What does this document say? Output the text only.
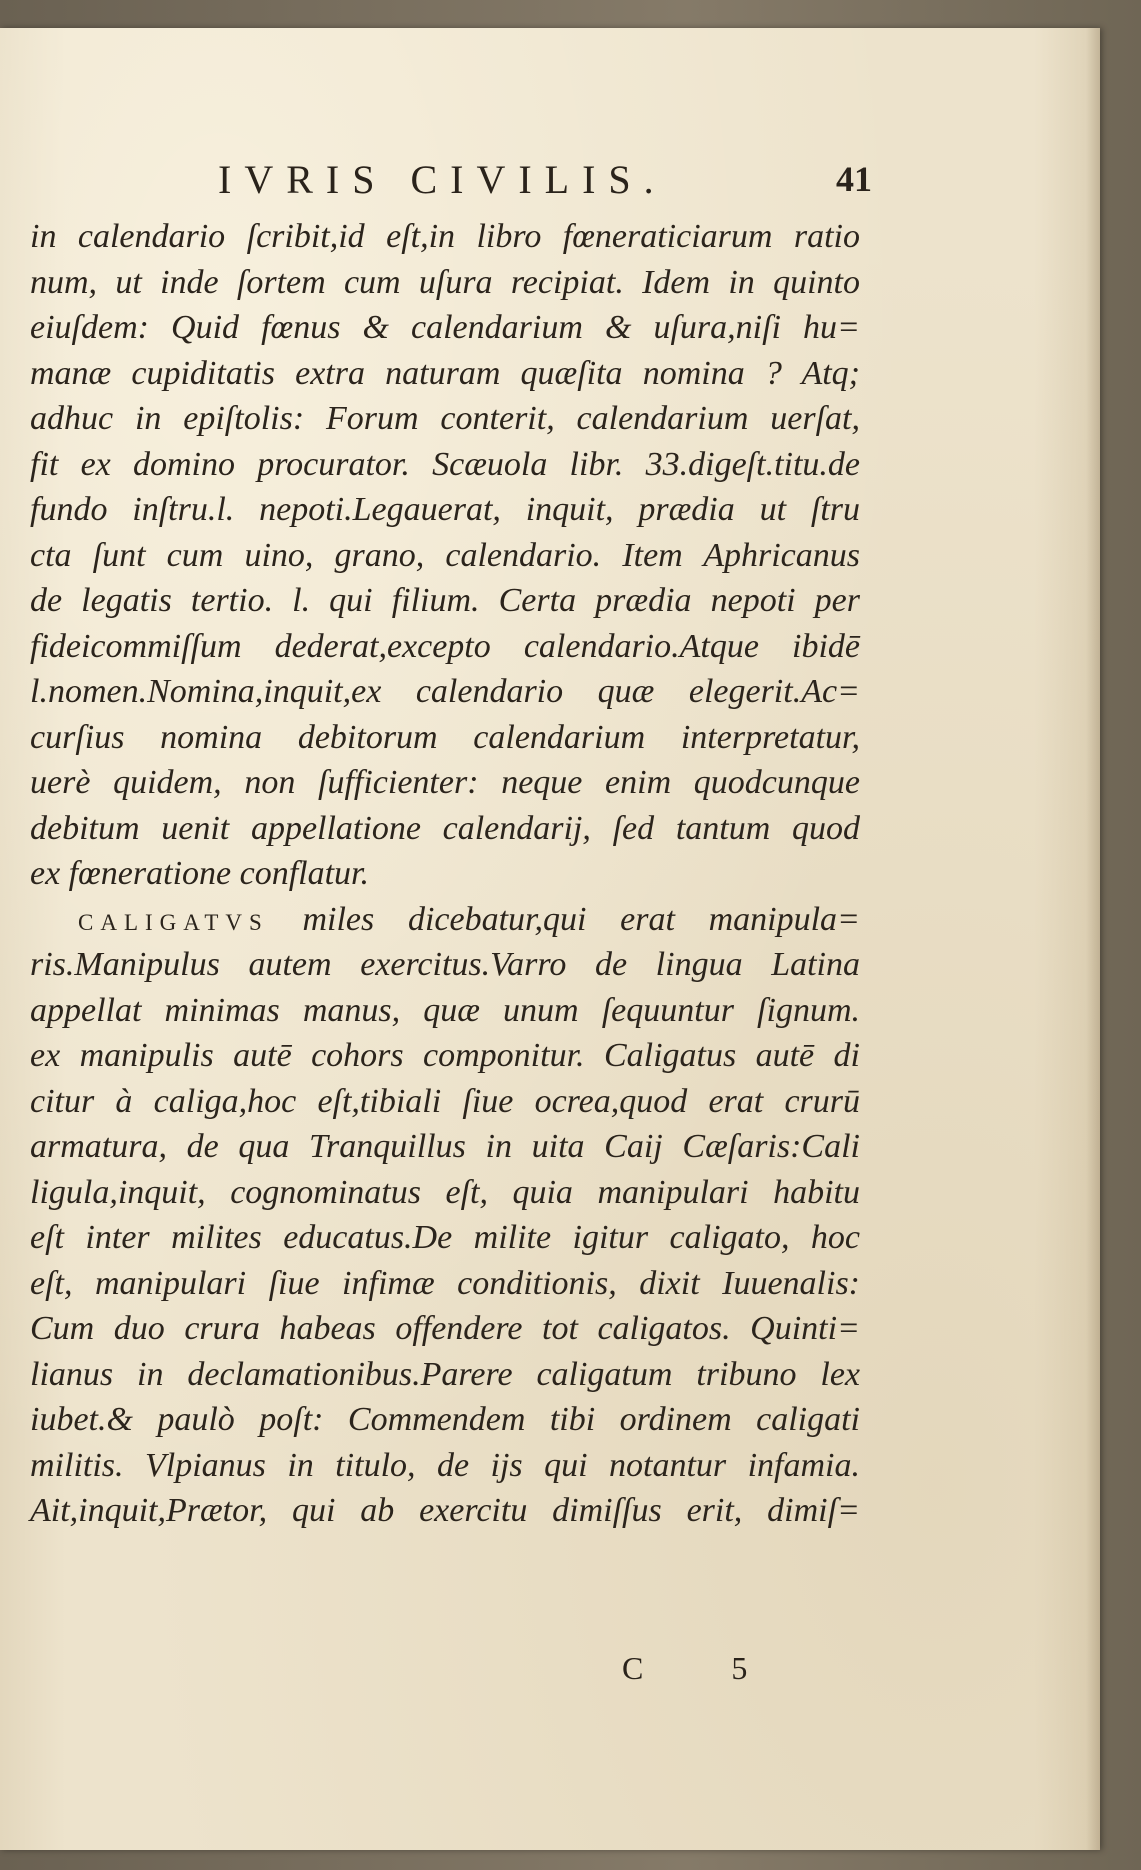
IVRIS CIVILIS.	41
in calendario ſcribit,id eſt,in libro fœneraticiarum ratio
num, ut inde ſortem cum uſura recipiat. Idem in quinto
eiuſdem: Quid fœnus & calendarium & uſura,niſi hu=
manæ cupiditatis extra naturam quæſita nomina ? Atq;
adhuc in epiſtolis: Forum conterit, calendarium uerſat,
fit ex domino procurator. Scæuola libr. 33.digeſt.titu.de
fundo inſtru.l. nepoti.Legauerat, inquit, prædia ut ſtru
cta ſunt cum uino, grano, calendario. Item Aphricanus
de legatis tertio. l. qui filium. Certa prædia nepoti per
fideicommiſſum dederat,excepto calendario.Atque ibidē
l.nomen.Nomina,inquit,ex calendario quæ elegerit.Ac=
curſius nomina debitorum calendarium interpretatur,
uerè quidem, non ſufficienter: neque enim quodcunque
debitum uenit appellatione calendarij, ſed tantum quod
ex fœneratione conflatur.
CALIGATVS miles dicebatur,qui erat manipula=
ris.Manipulus autem exercitus.Varro de lingua Latina
appellat minimas manus, quæ unum ſequuntur ſignum.
ex manipulis autē cohors componitur. Caligatus autē di
citur à caliga,hoc eſt,tibiali ſiue ocrea,quod erat crurū
armatura, de qua Tranquillus in uita Caij Cæſaris:Cali
ligula,inquit, cognominatus eſt, quia manipulari habitu
eſt inter milites educatus.De milite igitur caligato, hoc
eſt, manipulari ſiue infimæ conditionis, dixit Iuuenalis:
Cum duo crura habeas offendere tot caligatos. Quinti=
lianus in declamationibus.Parere caligatum tribuno lex
iubet.& paulò poſt: Commendem tibi ordinem caligati
militis. Vlpianus in titulo, de ijs qui notantur infamia.
Ait,inquit,Prætor, qui ab exercitu dimiſſus erit, dimiſ=
C 5
